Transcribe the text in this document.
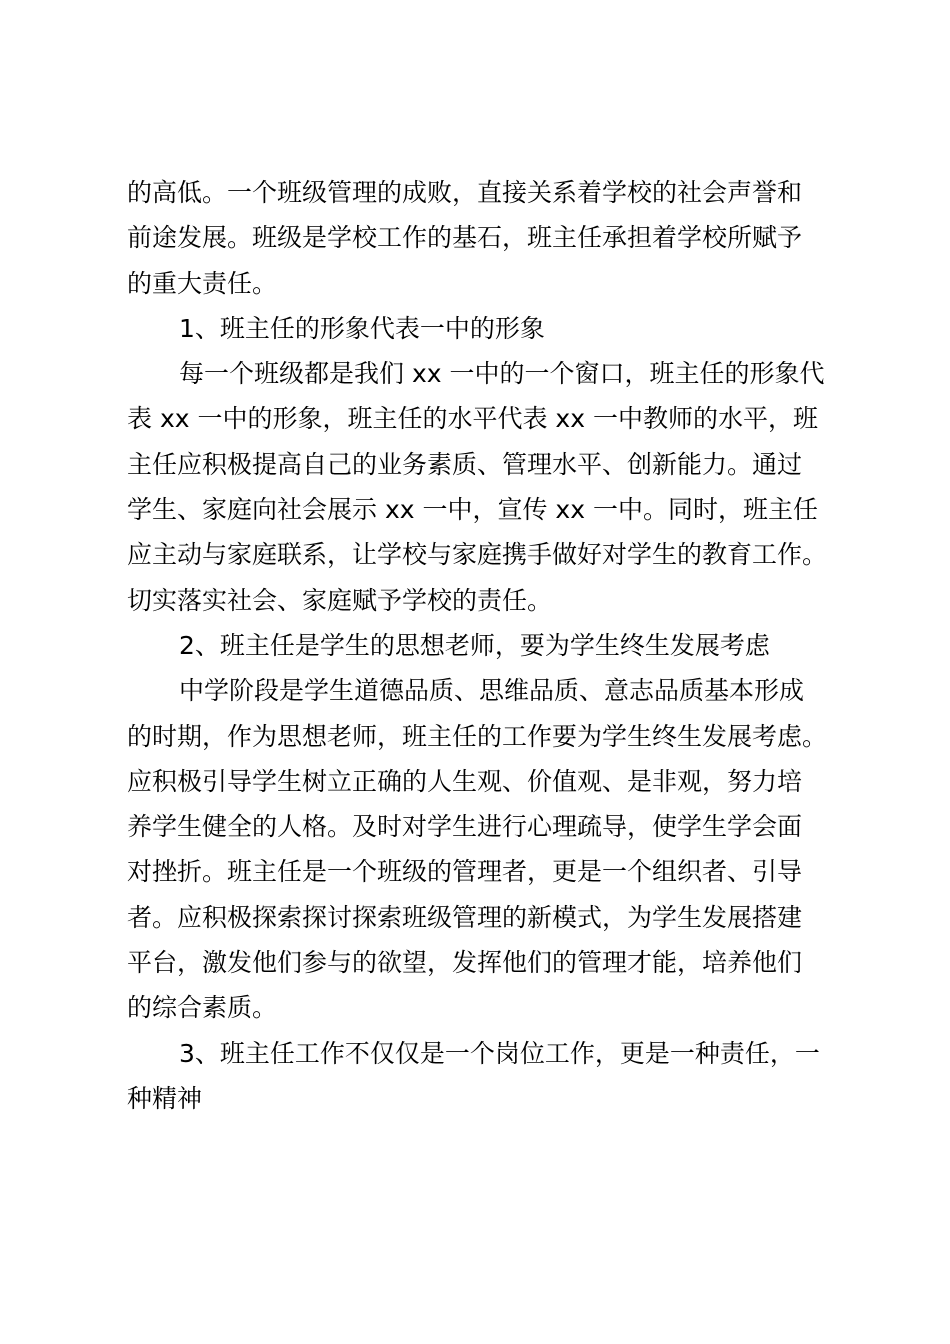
的高低。一个班级管理的成败，直接关系着学校的社会声誉和
前途发展。班级是学校工作的基石，班主任承担着学校所赋予
的重大责任。
1、班主任的形象代表一中的形象
每一个班级都是我们 xx 一中的一个窗口，班主任的形象代
表 xx 一中的形象，班主任的水平代表 xx 一中教师的水平，班
主任应积极提高自己的业务素质、管理水平、创新能力。通过
学生、家庭向社会展示 xx 一中，宣传 xx 一中。同时，班主任
应主动与家庭联系，让学校与家庭携手做好对学生的教育工作。
切实落实社会、家庭赋予学校的责任。
2、班主任是学生的思想老师，要为学生终生发展考虑
中学阶段是学生道德品质、思维品质、意志品质基本形成
的时期，作为思想老师，班主任的工作要为学生终生发展考虑。
应积极引导学生树立正确的人生观、价值观、是非观，努力培
养学生健全的人格。及时对学生进行心理疏导，使学生学会面
对挫折。班主任是一个班级的管理者，更是一个组织者、引导
者。应积极探索探讨探索班级管理的新模式，为学生发展搭建
平台，激发他们参与的欲望，发挥他们的管理才能，培养他们
的综合素质。
3、班主任工作不仅仅是一个岗位工作，更是一种责任，一
种精神
